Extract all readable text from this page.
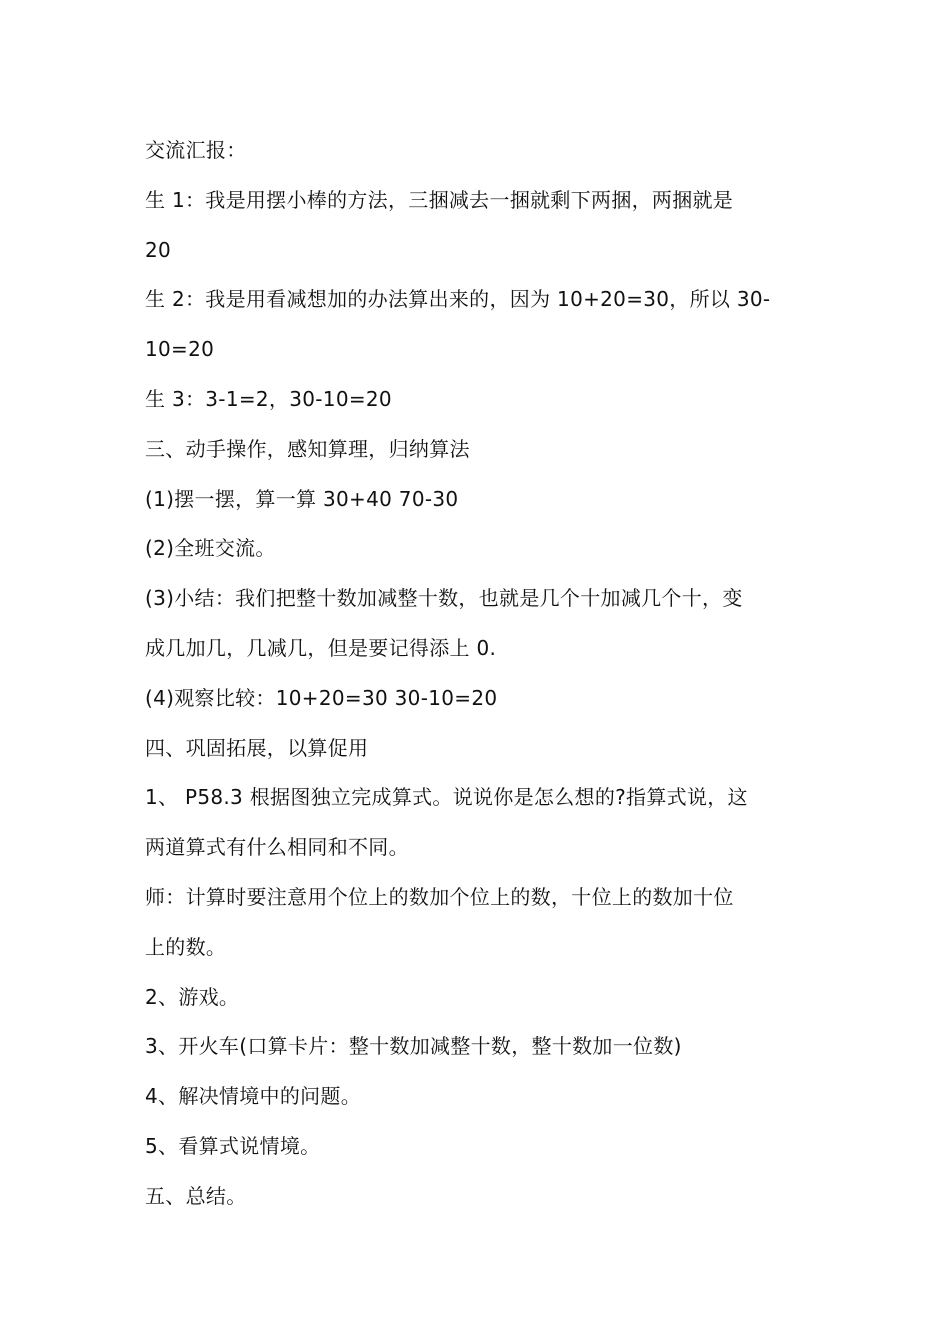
交流汇报：
生 1：我是用摆小棒的方法，三捆减去一捆就剩下两捆，两捆就是
20
生 2：我是用看减想加的办法算出来的，因为 10+20=30，所以 30-
10=20
生 3：3-1=2，30-10=20
三、动手操作，感知算理，归纳算法
(1)摆一摆，算一算 30+40 70-30
(2)全班交流。
(3)小结：我们把整十数加减整十数，也就是几个十加减几个十，变
成几加几，几减几，但是要记得添上 0.
(4)观察比较：10+20=30 30-10=20
四、巩固拓展，以算促用
1、 P58.3 根据图独立完成算式。说说你是怎么想的?指算式说，这
两道算式有什么相同和不同。
师：计算时要注意用个位上的数加个位上的数，十位上的数加十位
上的数。
2、游戏。
3、开火车(口算卡片：整十数加减整十数，整十数加一位数)
4、解决情境中的问题。
5、看算式说情境。
五、总结。
